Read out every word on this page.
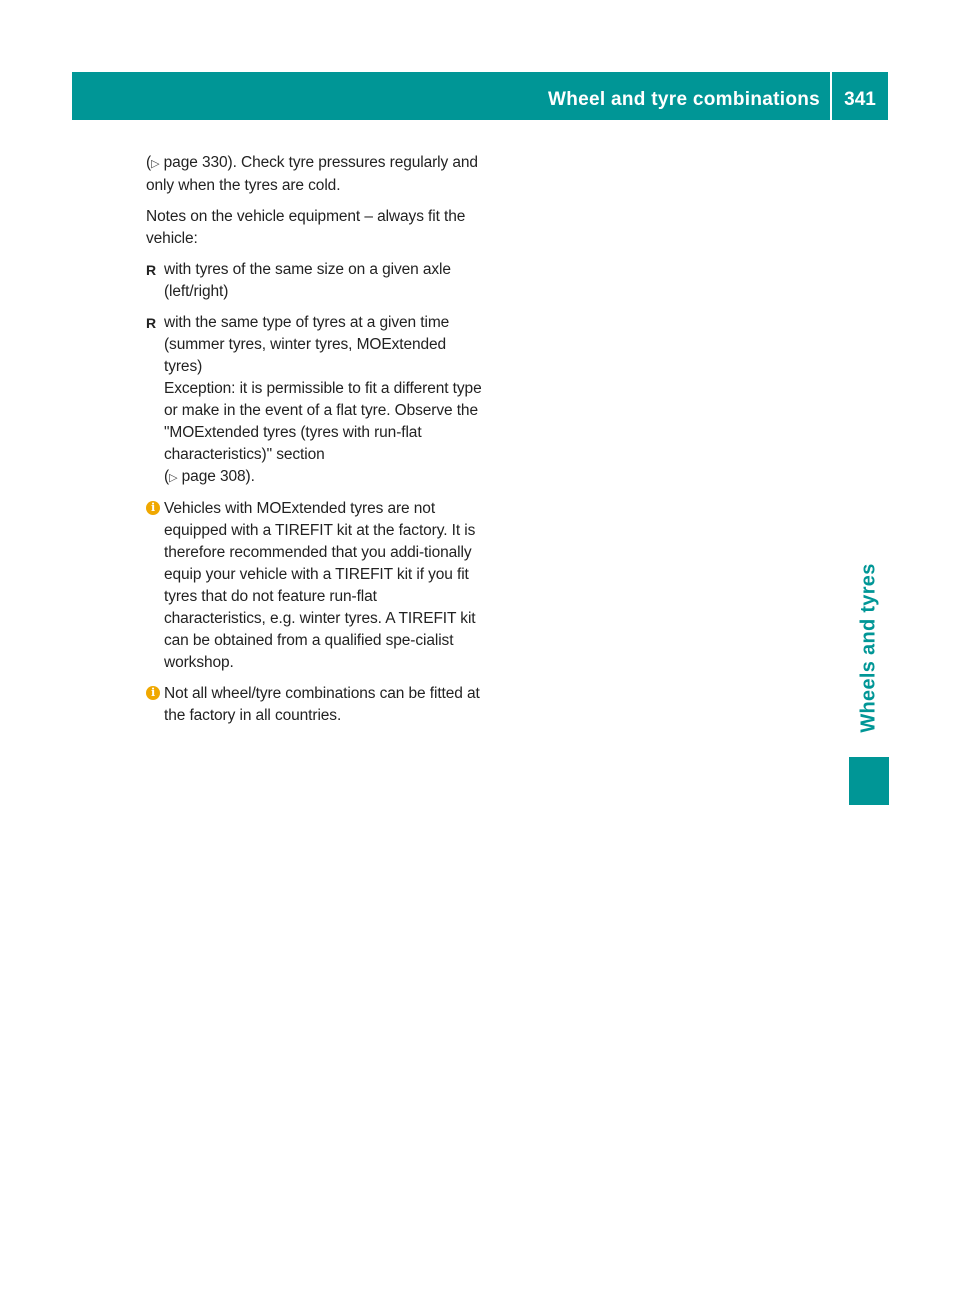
Wheel and tyre combinations	341
Wheels and tyres

(▷ page 330). Check tyre pressures regularly and only when the tyres are cold.

Notes on the vehicle equipment – always fit the vehicle:

R with tyres of the same size on a given axle (left/right)

R with the same type of tyres at a given time (summer tyres, winter tyres, MOExtended tyres)

Exception: it is permissible to fit a different type or make in the event of a flat tyre. Observe the "MOExtended tyres (tyres with run-flat characteristics)" section
(▷ page 308).

i Vehicles with MOExtended tyres are not equipped with a TIREFIT kit at the factory. It is therefore recommended that you addi-tionally equip your vehicle with a TIREFIT kit if you fit tyres that do not feature run-flat characteristics, e.g. winter tyres. A TIREFIT kit can be obtained from a qualified spe-cialist workshop.

i Not all wheel/tyre combinations can be fitted at the factory in all countries.
